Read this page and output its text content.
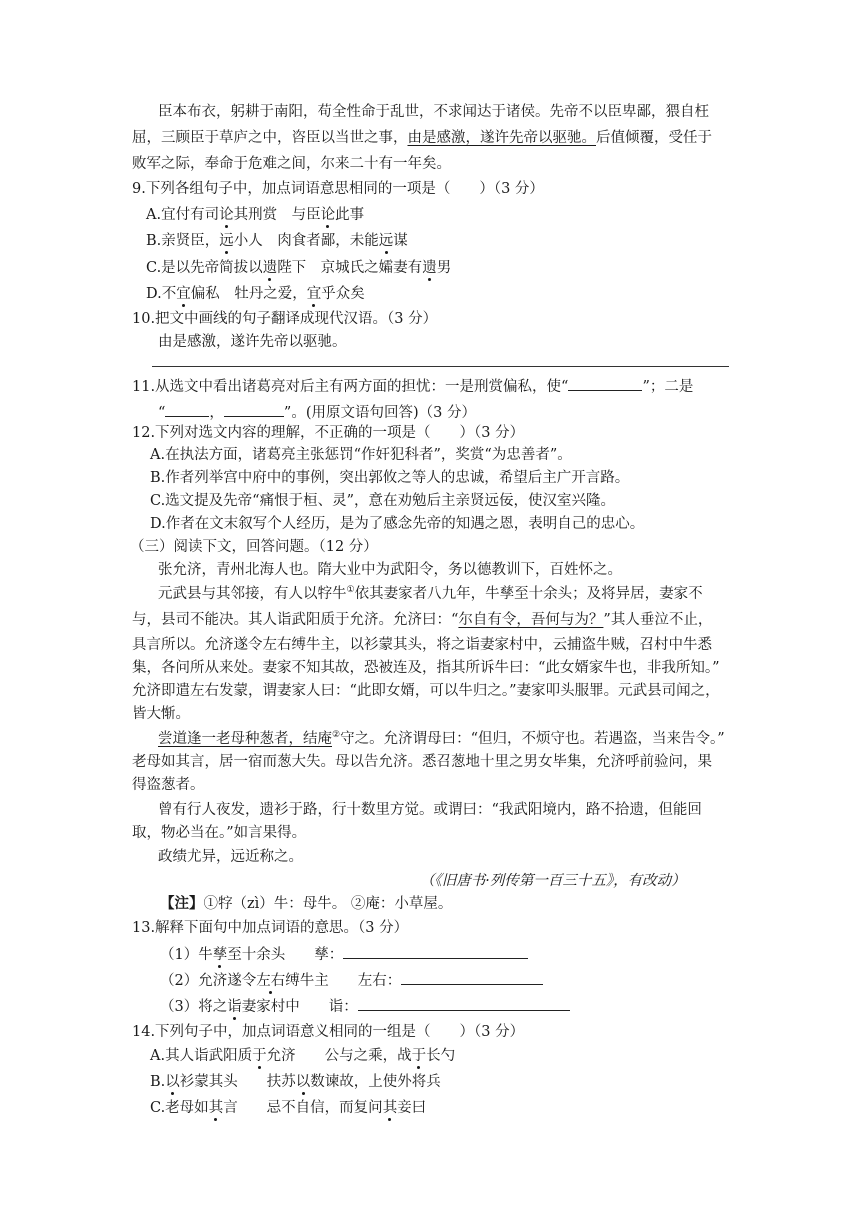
臣本布衣，躬耕于南阳，苟全性命于乱世，不求闻达于诸侯。先帝不以臣卑鄙，猥自枉
屈，三顾臣于草庐之中，咨臣以当世之事，由是感激，遂许先帝以驱驰。后值倾覆，受任于
败军之际，奉命于危难之间，尔来二十有一年矣。
9.下列各组句子中，加点词语意思相同的一项是（　　）（3 分）
A.宜付有司论其刑赏　与臣论此事
B.亲贤臣，远小人　肉食者鄙，未能远谋
C.是以先帝简拔以遗陛下　京城氏之孀妻有遗男
D.不宜偏私　牡丹之爱，宜乎众矣
10.把文中画线的句子翻译成现代汉语。（3 分）
由是感激，遂许先帝以驱驰。
11.从选文中看出诸葛亮对后主有两方面的担忧：一是刑赏偏私，使“	”；二是
“	，	”。(用原文语句回答)（3 分）
12.下列对选文内容的理解，不正确的一项是（　　）（3 分）
A.在执法方面，诸葛亮主张惩罚“作奸犯科者”，奖赏“为忠善者”。
B.作者列举宫中府中的事例，突出郭攸之等人的忠诚，希望后主广开言路。
C.选文提及先帝“痛恨于桓、灵”，意在劝勉后主亲贤远佞，使汉室兴隆。
D.作者在文末叙写个人经历，是为了感念先帝的知遇之恩，表明自己的忠心。
（三）阅读下文，回答问题。（12 分）
张允济，青州北海人也。隋大业中为武阳令，务以德教训下，百姓怀之。
元武县与其邻接，有人以牸牛①依其妻家者八九年，牛孳至十余头；及将异居，妻家不
与，县司不能决。其人诣武阳质于允济。允济曰：“尔自有令，吾何与为？”其人垂泣不止，
具言所以。允济遂令左右缚牛主，以衫蒙其头，将之诣妻家村中，云捕盗牛贼，召村中牛悉
集，各问所从来处。妻家不知其故，恐被连及，指其所诉牛曰：“此女婿家牛也，非我所知。”
允济即遣左右发蒙，谓妻家人曰：“此即女婿，可以牛归之。”妻家叩头服罪。元武县司闻之，
皆大惭。
尝道逢一老母种葱者，结庵②守之。允济谓母曰：“但归，不烦守也。若遇盗，当来告令。”
老母如其言，居一宿而葱大失。母以告允济。悉召葱地十里之男女毕集，允济呼前验问，果
得盗葱者。
曾有行人夜发，遗衫于路，行十数里方觉。或谓曰：“我武阳境内，路不拾遗，但能回
取，物必当在。”如言果得。
政绩尤异，远近称之。
（《旧唐书·列传第一百三十五》，有改动）
【注】①牸（zì）牛：母牛。 ②庵：小草屋。
13.解释下面句中加点词语的意思。（3 分）
（1）牛孳至十余头　　孳：
（2）允济遂令左右缚牛主　　左右：
（3）将之诣妻家村中　　诣：
14.下列句子中，加点词语意义相同的一组是（　　）（3 分）
A.其人诣武阳质于允济　　公与之乘，战于长勺
B.以衫蒙其头　　扶苏以数谏故，上使外将兵
C.老母如其言　　忌不自信，而复问其妾曰
